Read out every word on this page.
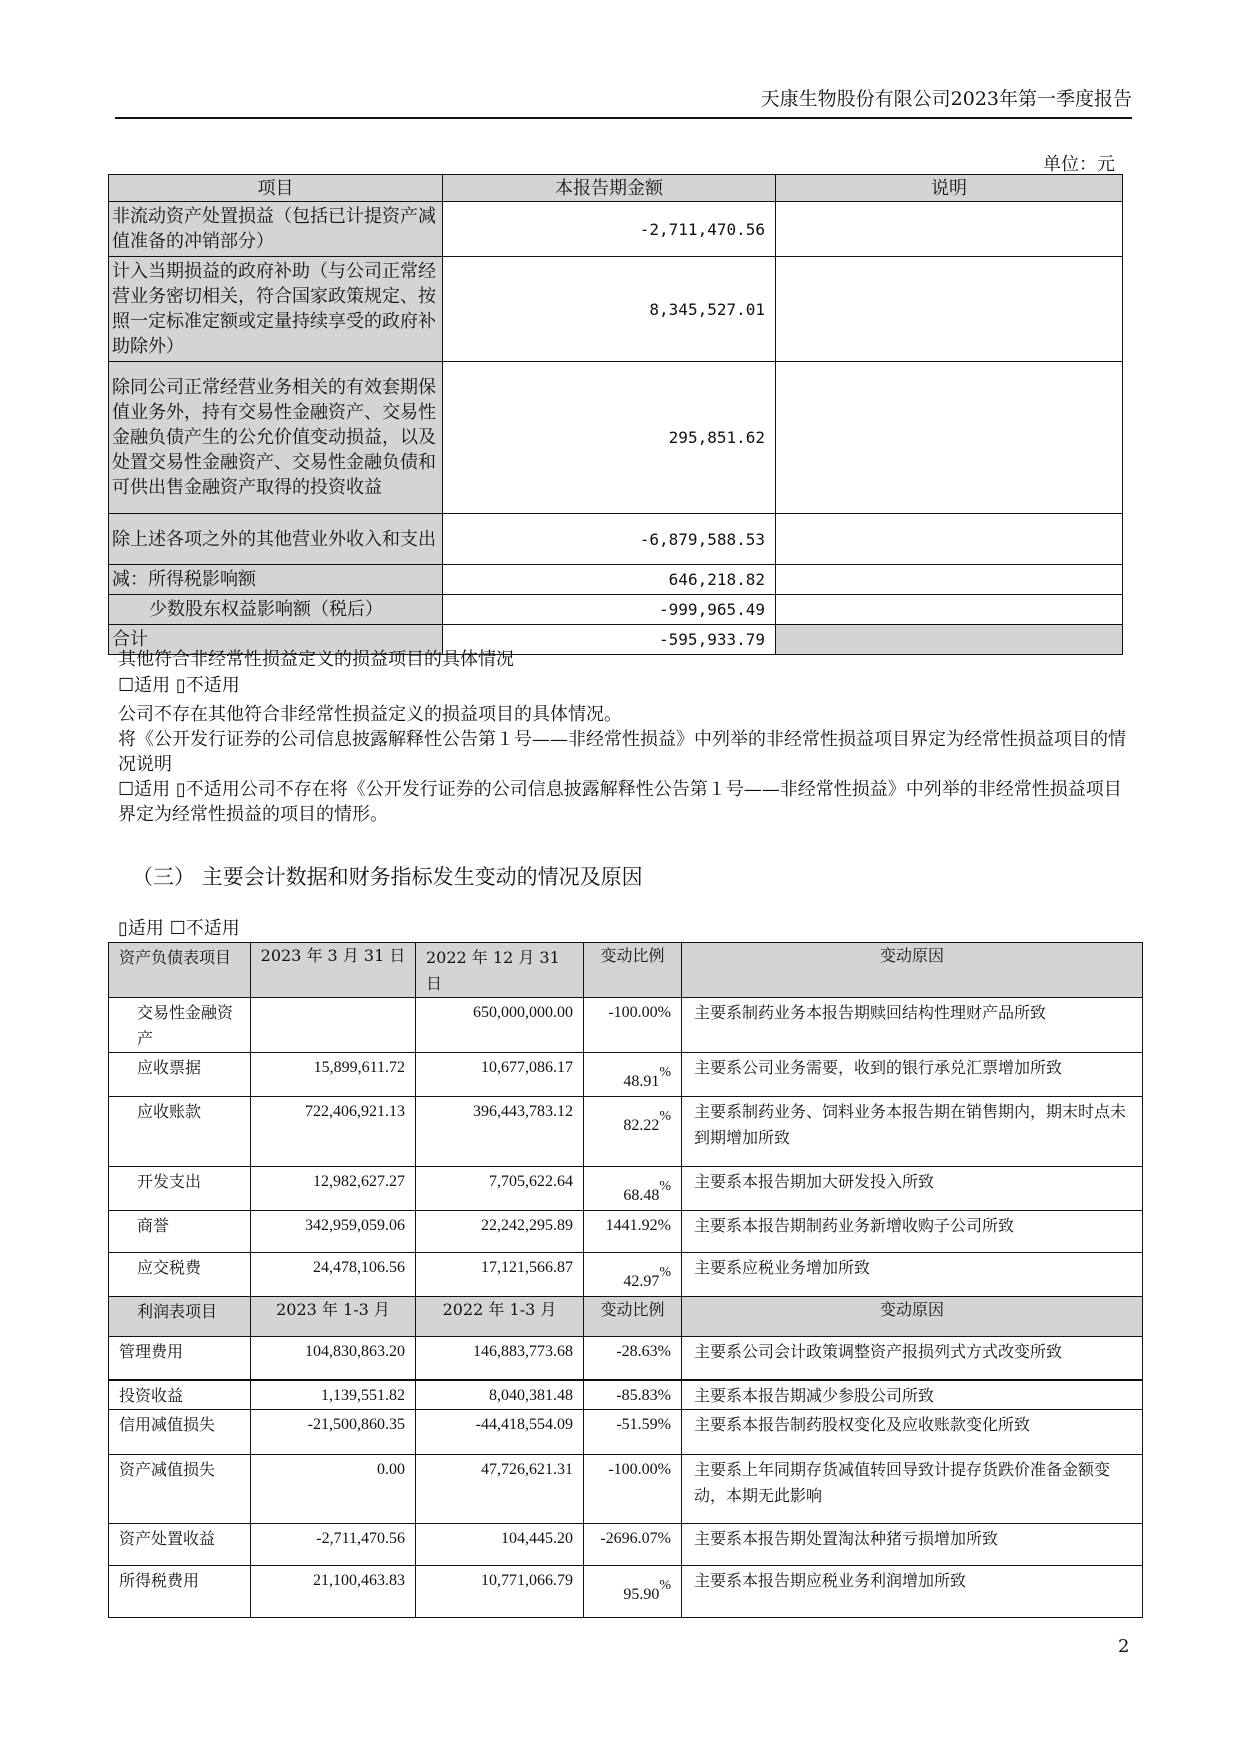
天康生物股份有限公司2023年第一季度报告
单位：元
项目	本报告期金额	说明
非流动资产处置损益（包括已计提资产减值准备的冲销部分）	-2,711,470.56	
计入当期损益的政府补助（与公司正常经营业务密切相关，符合国家政策规定、按照一定标准定额或定量持续享受的政府补助除外）	8,345,527.01	
除同公司正常经营业务相关的有效套期保值业务外，持有交易性金融资产、交易性金融负债产生的公允价值变动损益，以及处置交易性金融资产、交易性金融负债和可供出售金融资产取得的投资收益	295,851.62	
除上述各项之外的其他营业外收入和支出	-6,879,588.53	
减：所得税影响额	646,218.82	
少数股东权益影响额（税后）	-999,965.49	
合计	-595,933.79	
其他符合非经常性损益定义的损益项目的具体情况
☐适用 ▯不适用
公司不存在其他符合非经常性损益定义的损益项目的具体情况。
将《公开发行证券的公司信息披露解释性公告第１号——非经常性损益》中列举的非经常性损益项目界定为经常性损益项目的情况说明
☐适用 ▯不适用公司不存在将《公开发行证券的公司信息披露解释性公告第１号——非经常性损益》中列举的非经常性损益项目界定为经常性损益的项目的情形。
（三） 主要会计数据和财务指标发生变动的情况及原因
▯适用 ☐不适用
资产负债表项目	2023 年 3 月 31 日	2022 年 12 月 31 日	变动比例	变动原因
交易性金融资产		650,000,000.00	-100.00%	主要系制药业务本报告期赎回结构性理财产品所致
应收票据	15,899,611.72	10,677,086.17	48.91%	主要系公司业务需要，收到的银行承兑汇票增加所致
应收账款	722,406,921.13	396,443,783.12	82.22%	主要系制药业务、饲料业务本报告期在销售期内，期末时点未到期增加所致
开发支出	12,982,627.27	7,705,622.64	68.48%	主要系本报告期加大研发投入所致
商誉	342,959,059.06	22,242,295.89	1441.92%	主要系本报告期制药业务新增收购子公司所致
应交税费	24,478,106.56	17,121,566.87	42.97%	主要系应税业务增加所致
利润表项目	2023 年 1-3 月	2022 年 1-3 月	变动比例	变动原因
管理费用	104,830,863.20	146,883,773.68	-28.63%	主要系公司会计政策调整资产报损列式方式改变所致
投资收益	1,139,551.82	8,040,381.48	-85.83%	主要系本报告期减少参股公司所致
信用减值损失	-21,500,860.35	-44,418,554.09	-51.59%	主要系本报告制药股权变化及应收账款变化所致
资产减值损失	0.00	47,726,621.31	-100.00%	主要系上年同期存货减值转回导致计提存货跌价准备金额变动，本期无此影响
资产处置收益	-2,711,470.56	104,445.20	-2696.07%	主要系本报告期处置淘汰种猪亏损增加所致
所得税费用	21,100,463.83	10,771,066.79	95.90%	主要系本报告期应税业务利润增加所致
2
